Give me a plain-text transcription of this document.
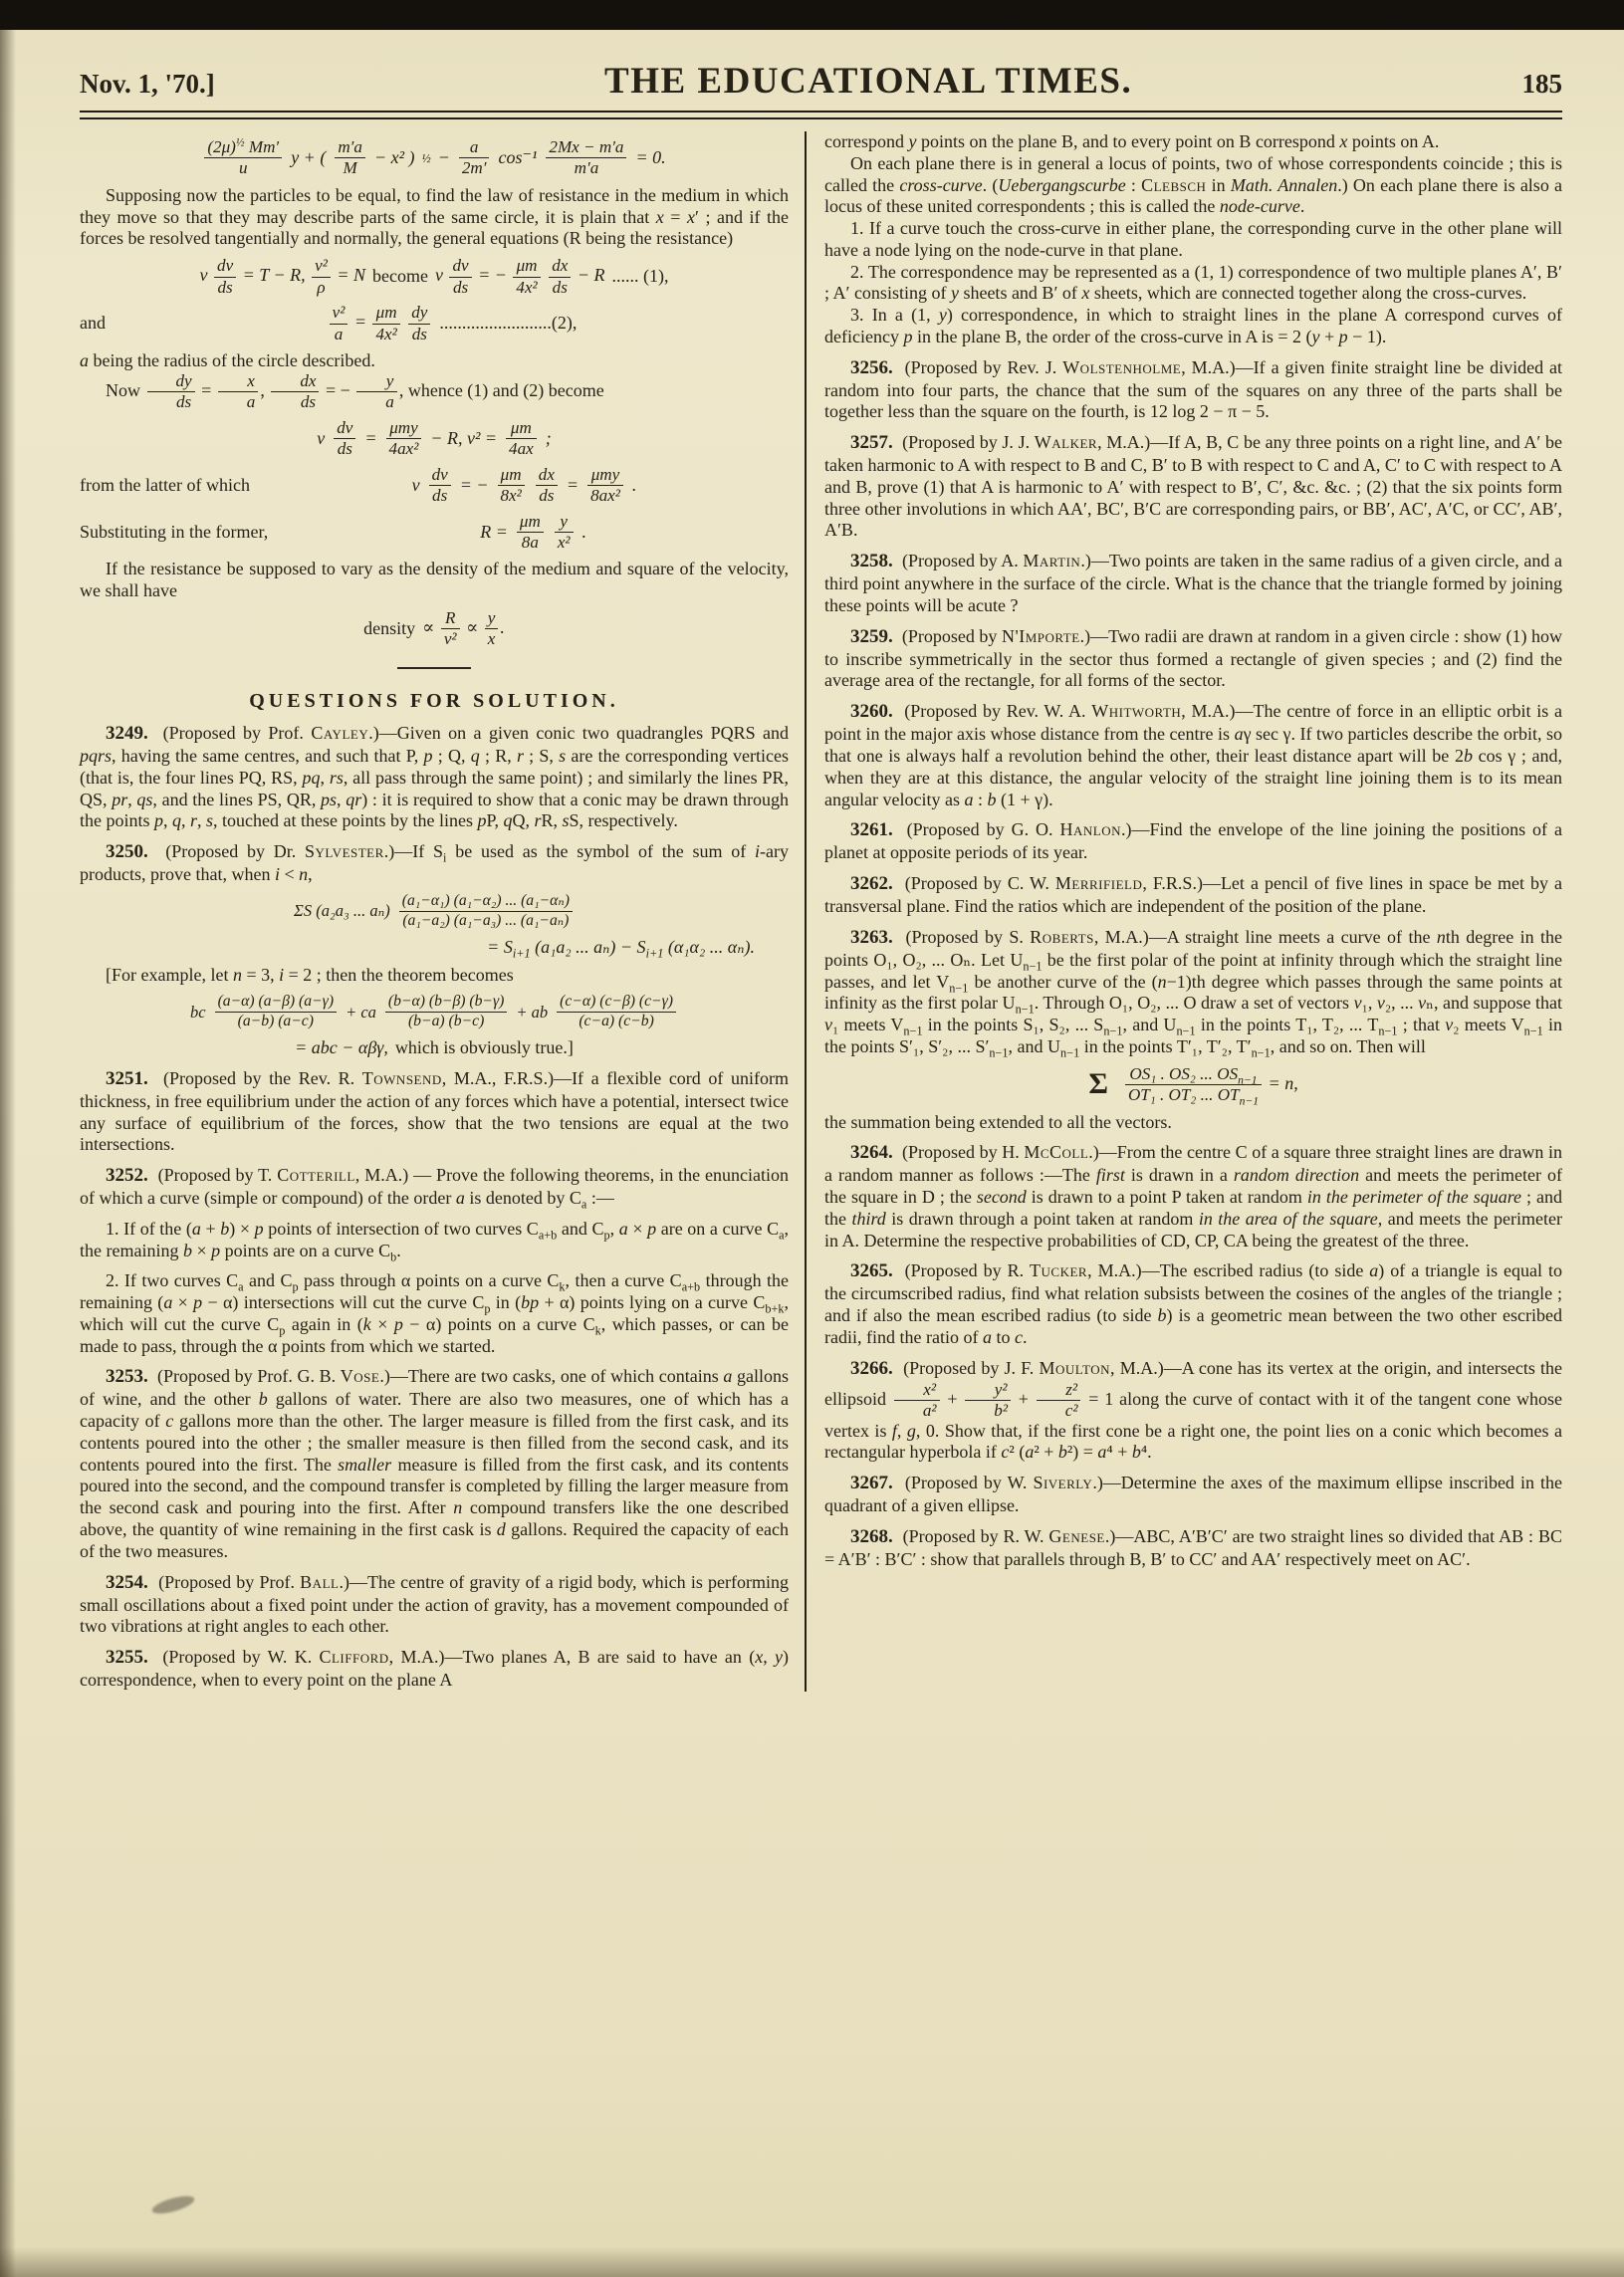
Nov. 1, '70.]	THE EDUCATIONAL TIMES.	185
$\frac{(2\mu)^{\frac{1}{2}} Mm'}{u}$ y + ( $\frac{m'a}{M} - x^2$ ) ½ − $\frac{a}{2m'} \cos^{-1} \frac{2Mx - m'a}{m'a} = 0$.

Supposing now the particles to be equal, to find the law of resistance in the medium in which they move so that they may describe parts of the same circle, it is plain that x = x′ ; and if the forces be resolved tangentially and normally, the general equations (R being the resistance)

v $\frac{dv}{ds} = T - R$, $\frac{\text{v²}}{\rho} = N$ become v $\frac{dv}{ds}$ = − $\frac{\mu m}{\text{4x²}}$
$\frac{dx}{ds} - R$ ...... (1),
and	$\frac{\text{v²}}{a} = \frac{\mu m}{\text{4x²}}$
$\frac{dy}{ds} .........................(2)$,

a being the radius of the circle described.

Now $\frac{dy}{ds} = \frac{x}{a}$ , $\frac{dx}{ds}$ = − $\frac{y}{a}$ , whence (1) and (2) become

v $\frac{dv}{ds} = \frac{\text{μmy}}{\text{4ax²}} - R$, $v^2 = \frac{\mu m}{4ax}$ ;
from the latter of which	v $\frac{dv}{ds}$ = − $\frac{\mu m}{\text{8x²}} \frac{dx}{ds} = \frac{\text{μmy}}{\text{8ax²}}$ .
Substituting in the former,	$R = \frac{\mu m}{8a} \frac{y}{\text{x²}}$ .

If the resistance be supposed to vary as the density of the medium and square of the velocity, we shall have

density ∝ $\frac{R}{\text{v²}} \propto \frac{y}{x}$ .
QUESTIONS FOR SOLUTION.

3249. (Proposed by Prof. Cayley.)—Given on a given conic two quadrangles PQRS and pqrs, having the same centres, and such that P, p ; Q, q ; R, r ; S, s are the corresponding vertices (that is, the four lines PQ, RS, pq, rs, all pass through the same point) ; and similarly the lines PR, QS, pr, qs, and the lines PS, QR, ps, qr) : it is required to show that a conic may be drawn through the points p, q, r, s, touched at these points by the lines pP, qQ, rR, sS, respectively.

3250. (Proposed by Dr. Sylvester.)—If $S_i$ be used as the symbol of the sum of i-ary products, prove that, when i < n,

ΣS (a₂a₃ ... $a_n) \frac{\text{(a₁−α₁) (a₁−α₂) ... (a₁−αₙ)}}{\text{(a₁−a₂) (a₁−a₃) ... (a₁−aₙ)}}$
= $S_{i+1}$ (a₁a₂ ... $a_n) - S_{i+1}$ (α₁α₂ ... αₙ).

[For example, let n = 3, i = 2 ; then the theorem becomes

bc $\frac{(a-\alpha) (a-\beta) (a-\gamma)}{(a-b) (a-c)}$ + ca $\frac{(b-\alpha) (b-\beta) (b-\gamma)}{(b-a) (b-c)}$ + ab $\frac{(c-\alpha) (c-\beta) (c-\gamma)}{(c-a) (c-b)}$
= abc − αβγ, which is obviously true.]

3251. (Proposed by the Rev. R. Townsend, M.A., F.R.S.)—If a flexible cord of uniform thickness, in free equilibrium under the action of any forces which have a potential, intersect twice any surface of equilibrium of the forces, show that the two tensions are equal at the two intersections.

3252. (Proposed by T. Cotterill, M.A.) — Prove the following theorems, in the enunciation of which a curve (simple or compound) of the order a is denoted by $C_a$ :—

1. If of the (a + b) × p points of intersection of two curves $C_{a+b}$ and $C_p$, a × p are on a curve $C_a$, the remaining b × p points are on a curve $C_b$.

2. If two curves $C_a$ and $C_p$ pass through α points on a curve $C_k$, then a curve $C_{a+b}$ through the remaining (a × p − α) intersections will cut the curve $C_p$ in (bp + α) points lying on a curve $C_{b+k}$, which will cut the curve $C_p$ again in (k × p − α) points on a curve $C_k$, which passes, or can be made to pass, through the α points from which we started.

3253. (Proposed by Prof. G. B. Vose.)—There are two casks, one of which contains a gallons of wine, and the other b gallons of water. There are also two measures, one of which has a capacity of c gallons more than the other. The larger measure is filled from the first cask, and its contents poured into the other ; the smaller measure is then filled from the second cask, and its contents poured into the first. The smaller measure is filled from the first cask, and its contents poured into the second, and the compound transfer is completed by filling the larger measure from the second cask and pouring into the first. After n compound transfers like the one described above, the quantity of wine remaining in the first cask is d gallons. Required the capacity of each of the two measures.

3254. (Proposed by Prof. Ball.)—The centre of gravity of a rigid body, which is performing small oscillations about a fixed point under the action of gravity, has a movement compounded of two vibrations at right angles to each other.

3255. (Proposed by W. K. Clifford, M.A.)—Two planes A, B are said to have an (x, y) correspondence, when to every point on the plane A

correspond y points on the plane B, and to every point on B correspond x points on A.

On each plane there is in general a locus of points, two of whose correspondents coincide ; this is called the cross-curve. (Uebergangscurbe : Clebsch in Math. Annalen.) On each plane there is also a locus of these united correspondents ; this is called the node-curve.

1. If a curve touch the cross-curve in either plane, the corresponding curve in the other plane will have a node lying on the node-curve in that plane.

2. The correspondence may be represented as a (1, 1) correspondence of two multiple planes A′, B′ ; A′ consisting of y sheets and B′ of x sheets, which are connected together along the cross-curves.

3. In a (1, y) correspondence, in which to straight lines in the plane A correspond curves of deficiency p in the plane B, the order of the cross-curve in A is = 2 (y + p − 1).

3256. (Proposed by Rev. J. Wolstenholme, M.A.)—If a given finite straight line be divided at random into four parts, the chance that the sum of the squares on any three of the parts shall be together less than the square on the fourth, is 12 log 2 − π − 5.

3257. (Proposed by J. J. Walker, M.A.)—If A, B, C be any three points on a right line, and A′ be taken harmonic to A with respect to B and C, B′ to B with respect to C and A, C′ to C with respect to A and B, prove (1) that A is harmonic to A′ with respect to B′, C′, &c. &c. ; (2) that the six points form three other involutions in which AA′, BC′, B′C are corresponding pairs, or BB′, AC′, A′C, or CC′, AB′, A′B.

3258. (Proposed by A. Martin.)—Two points are taken in the same radius of a given circle, and a third point anywhere in the surface of the circle. What is the chance that the triangle formed by joining these points will be acute ?

3259. (Proposed by N'Importe.)—Two radii are drawn at random in a given circle : show (1) how to inscribe symmetrically in the sector thus formed a rectangle of given species ; and (2) find the average area of the rectangle, for all forms of the sector.

3260. (Proposed by Rev. W. A. Whitworth, M.A.)—The centre of force in an elliptic orbit is a point in the major axis whose distance from the centre is aγ sec γ. If two particles describe the orbit, so that one is always half a revolution behind the other, their least distance apart will be 2b cos γ ; and, when they are at this distance, the angular velocity of the straight line joining them is to its mean angular velocity as a : b (1 + γ).

3261. (Proposed by G. O. Hanlon.)—Find the envelope of the line joining the positions of a planet at opposite periods of its year.

3262. (Proposed by C. W. Merrifield, F.R.S.)—Let a pencil of five lines in space be met by a transversal plane. Find the ratios which are independent of the position of the plane.

3263. (Proposed by S. Roberts, M.A.)—A straight line meets a curve of the nth degree in the points O₁, O₂, ... Oₙ. Let $U_{n-1}$ be the first polar of the point at infinity through which the straight line passes, and let $V_{n-1}$ be another curve of the (n−1)th degree which passes through the same points at infinity as the first polar $U_{n-1}$. Through O₁, O₂, ... O draw a set of vectors v₁, v₂, ... vₙ, and suppose that v₁ meets $V_{n-1}$ in the points S₁, S₂, ... $S_{n-1}$, and $U_{n-1}$ in the points T₁, T₂, ... $T_{n-1}$ ; that v₂ meets $V_{n-1}$ in the points S′₁, S′₂, ... $S'_{n-1}$, and $U_{n-1}$ in the points T′₁, T′₂, $T'_{n-1}$, and so on. Then will

Σ $\frac{OS_1 . OS_2 ... OS_{n-1}}{OT_1 . OT_2 ... OT_{n-1}} = n$,

the summation being extended to all the vectors.

3264. (Proposed by H. McColl.)—From the centre C of a square three straight lines are drawn in a random manner as follows :—The first is drawn in a random direction and meets the perimeter of the square in D ; the second is drawn to a point P taken at random in the perimeter of the square ; and the third is drawn through a point taken at random in the area of the square, and meets the perimeter in A. Determine the respective probabilities of CD, CP, CA being the greatest of the three.

3265. (Proposed by R. Tucker, M.A.)—The escribed radius (to side a) of a triangle is equal to the circumscribed radius, find what relation subsists between the cosines of the angles of the triangle ; and if also the mean escribed radius (to side b) is a geometric mean between the two other escribed radii, find the ratio of a to c.

3266. (Proposed by J. F. Moulton, M.A.)—A cone has its vertex at the origin, and intersects the ellipsoid $\frac{\text{x²}}{\text{a²}} + \frac{\text{y²}}{\text{b²}} + \frac{\text{z²}}{\text{c²}} = 1$ along the curve of contact with it of the tangent cone whose vertex is f, g, 0. Show that, if the first cone be a right one, the point lies on a conic which becomes a rectangular hyperbola if c² (a² + b²) = a⁴ + b⁴.

3267. (Proposed by W. Siverly.)—Determine the axes of the maximum ellipse inscribed in the quadrant of a given ellipse.

3268. (Proposed by R. W. Genese.)—ABC, A′B′C′ are two straight lines so divided that AB : BC = A′B′ : B′C′ : show that parallels through B, B′ to CC′ and AA′ respectively meet on AC′.
